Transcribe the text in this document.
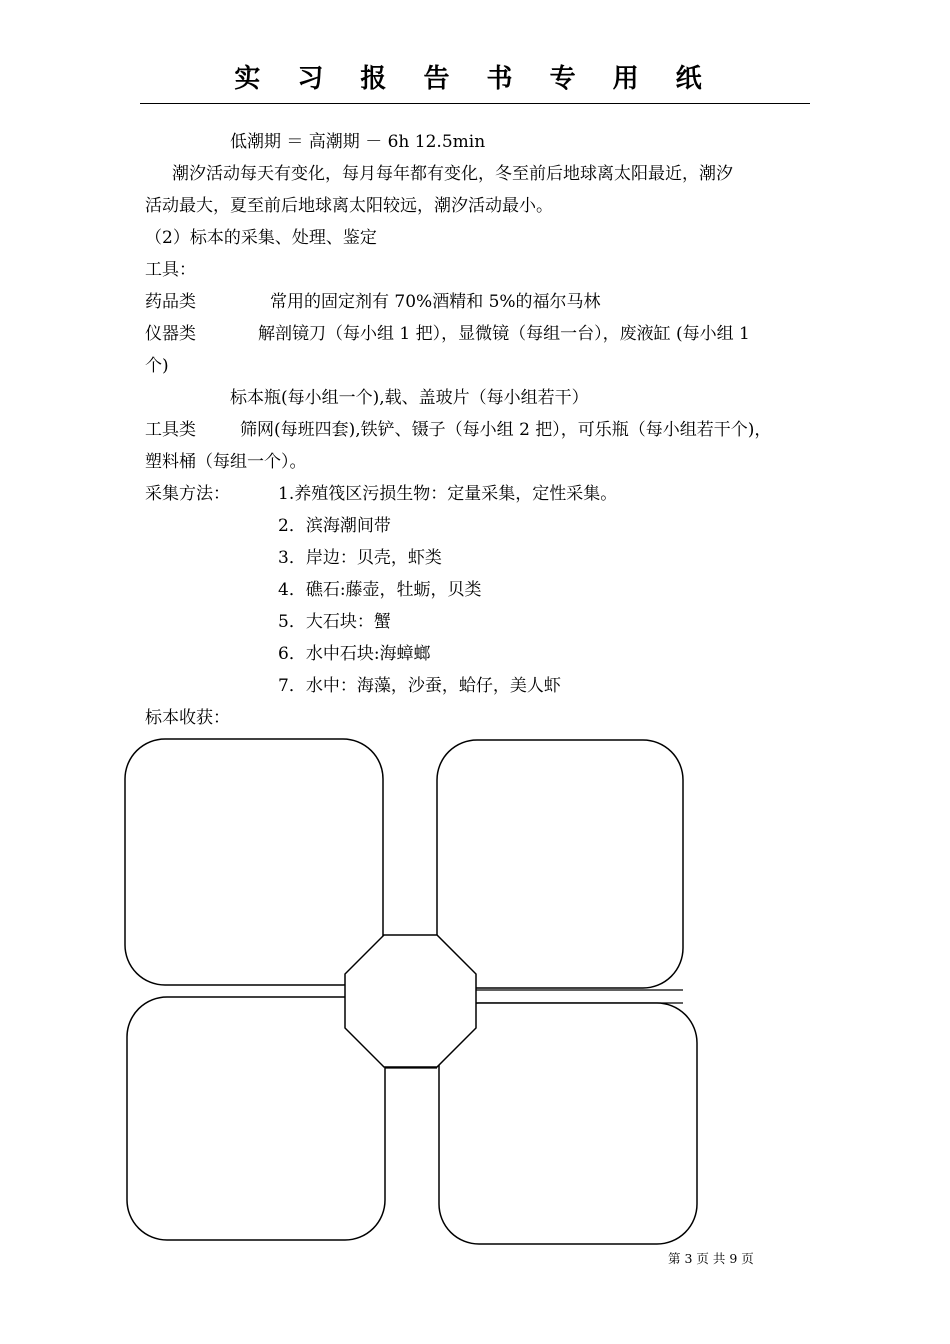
实 习 报 告 书 专 用 纸
低潮期 ＝ 高潮期 － 6h 12.5min
潮汐活动每天有变化，每月每年都有变化，冬至前后地球离太阳最近，潮汐
活动最大，夏至前后地球离太阳较远，潮汐活动最小。
（2）标本的采集、处理、鉴定
工具：
药品类	常用的固定剂有 70%酒精和 5%的福尔马林
仪器类	解剖镜刀（每小组 1 把），显微镜（每组一台），废液缸 (每小组 1
个)
标本瓶(每小组一个),载、盖玻片（每小组若干）
工具类	筛网(每班四套),铁铲、镊子（每小组 2 把），可乐瓶（每小组若干个)，
塑料桶（每组一个）。
采集方法：	1.养殖筏区污损生物：定量采集，定性采集。
2．滨海潮间带
3．岸边：贝壳，虾类
4．礁石:藤壶，牡蛎，贝类
5．大石块：蟹
6．水中石块:海蟑螂
7．水中：海藻，沙蚕，蛤仔，美人虾
标本收获：
第 3 页 共 9 页
